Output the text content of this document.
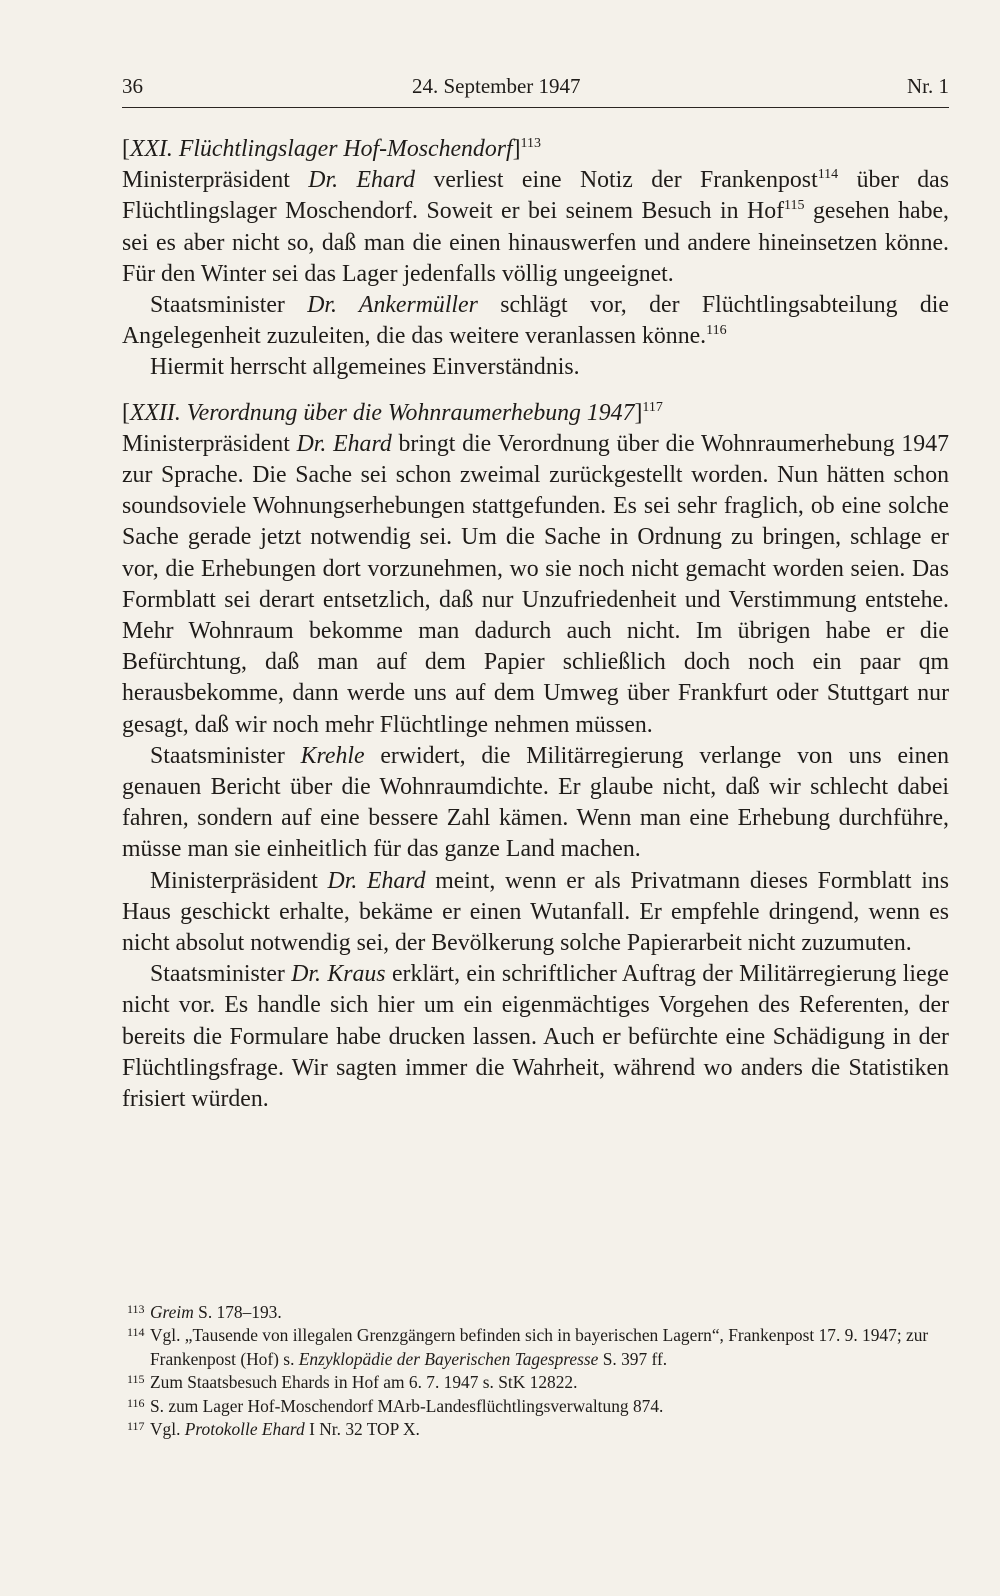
36	24. September 1947	Nr. 1

[XXI. Flüchtlingslager Hof-Moschendorf]$^{113}$

Ministerpräsident Dr. Ehard verliest eine Notiz der Frankenpost$^{114}$ über das Flüchtlingslager Moschendorf. Soweit er bei seinem Besuch in Hof$^{115}$ gesehen habe, sei es aber nicht so, daß man die einen hinauswerfen und andere hineinsetzen könne. Für den Winter sei das Lager jedenfalls völlig ungeeignet.

Staatsminister Dr. Ankermüller schlägt vor, der Flüchtlingsabteilung die Angelegenheit zuzuleiten, die das weitere veranlassen könne.$^{116}$

Hiermit herrscht allgemeines Einverständnis.

[XXII. Verordnung über die Wohnraumerhebung 1947]$^{117}$

Ministerpräsident Dr. Ehard bringt die Verordnung über die Wohnraumerhebung 1947 zur Sprache. Die Sache sei schon zweimal zurückgestellt worden. Nun hätten schon soundsoviele Wohnungserhebungen stattgefunden. Es sei sehr fraglich, ob eine solche Sache gerade jetzt notwendig sei. Um die Sache in Ordnung zu bringen, schlage er vor, die Erhebungen dort vorzunehmen, wo sie noch nicht gemacht worden seien. Das Formblatt sei derart entsetzlich, daß nur Unzufriedenheit und Verstimmung entstehe. Mehr Wohnraum bekomme man dadurch auch nicht. Im übrigen habe er die Befürchtung, daß man auf dem Papier schließlich doch noch ein paar qm herausbekomme, dann werde uns auf dem Umweg über Frankfurt oder Stuttgart nur gesagt, daß wir noch mehr Flüchtlinge nehmen müssen.

Staatsminister Krehle erwidert, die Militärregierung verlange von uns einen genauen Bericht über die Wohnraumdichte. Er glaube nicht, daß wir schlecht dabei fahren, sondern auf eine bessere Zahl kämen. Wenn man eine Erhebung durchführe, müsse man sie einheitlich für das ganze Land machen.

Ministerpräsident Dr. Ehard meint, wenn er als Privatmann dieses Formblatt ins Haus geschickt erhalte, bekäme er einen Wutanfall. Er empfehle dringend, wenn es nicht absolut notwendig sei, der Bevölkerung solche Papierarbeit nicht zuzumuten.

Staatsminister Dr. Kraus erklärt, ein schriftlicher Auftrag der Militärregierung liege nicht vor. Es handle sich hier um ein eigenmächtiges Vorgehen des Referenten, der bereits die Formulare habe drucken lassen. Auch er befürchte eine Schädigung in der Flüchtlingsfrage. Wir sagten immer die Wahrheit, während wo anders die Statistiken frisiert würden.

113 Greim S. 178–193.
114 Vgl. „Tausende von illegalen Grenzgängern befinden sich in bayerischen Lagern“, Frankenpost 17. 9. 1947; zur Frankenpost (Hof) s. Enzyklopädie der Bayerischen Tagespresse S. 397 ff.
115 Zum Staatsbesuch Ehards in Hof am 6. 7. 1947 s. StK 12822.
116 S. zum Lager Hof-Moschendorf MArb-Landesflüchtlingsverwaltung 874.
117 Vgl. Protokolle Ehard I Nr. 32 TOP X.
